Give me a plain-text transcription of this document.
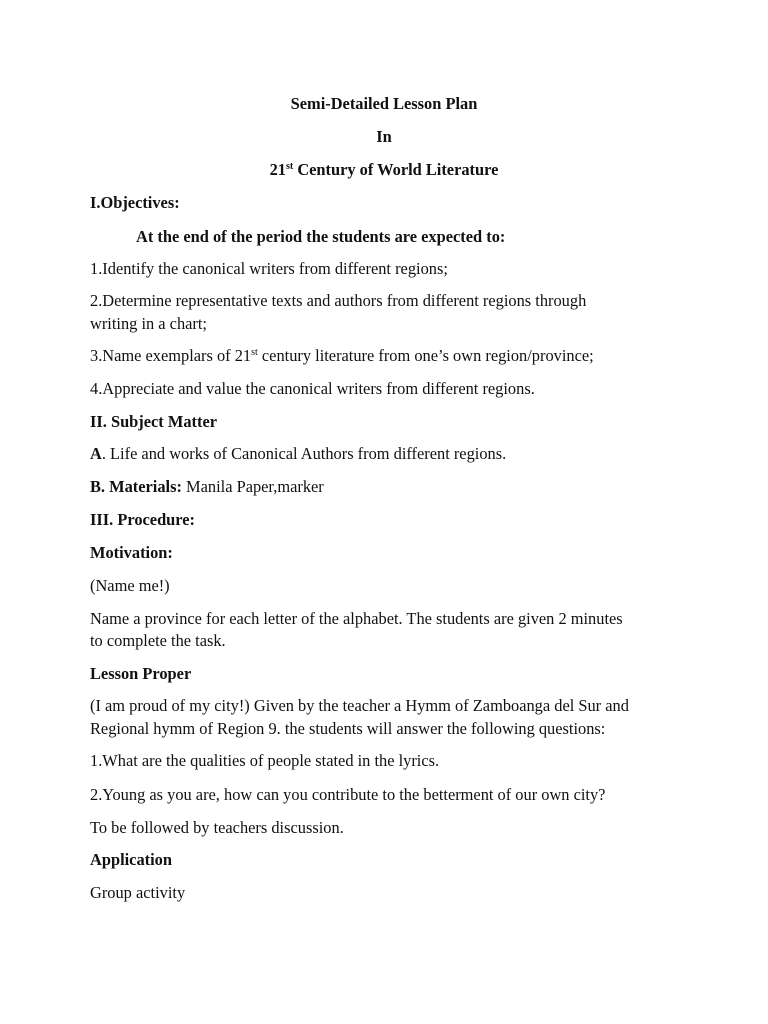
Semi-Detailed Lesson Plan
In
21st Century of World Literature
I.Objectives:
At the end of the period the students are expected to:
1.Identify the canonical writers from different regions;
2.Determine representative texts and authors from different regions through
writing in a chart;
3.Name exemplars of 21st century literature from one’s own region/province;
4.Appreciate and value the canonical writers from different regions.
II. Subject Matter
A. Life and works of Canonical Authors from different regions.
B. Materials: Manila Paper,marker
III. Procedure:
Motivation:
(Name me!)
Name a province for each letter of the alphabet. The students are given 2 minutes
to complete the task.
Lesson Proper
(I am proud of my city!) Given by the teacher a Hymm of Zamboanga del Sur and
Regional hymm of Region 9. the students will answer the following questions:
1.What are the qualities of people stated in the lyrics.
2.Young as you are, how can you contribute to the betterment of our own city?
To be followed by teachers discussion.
Application
Group activity
